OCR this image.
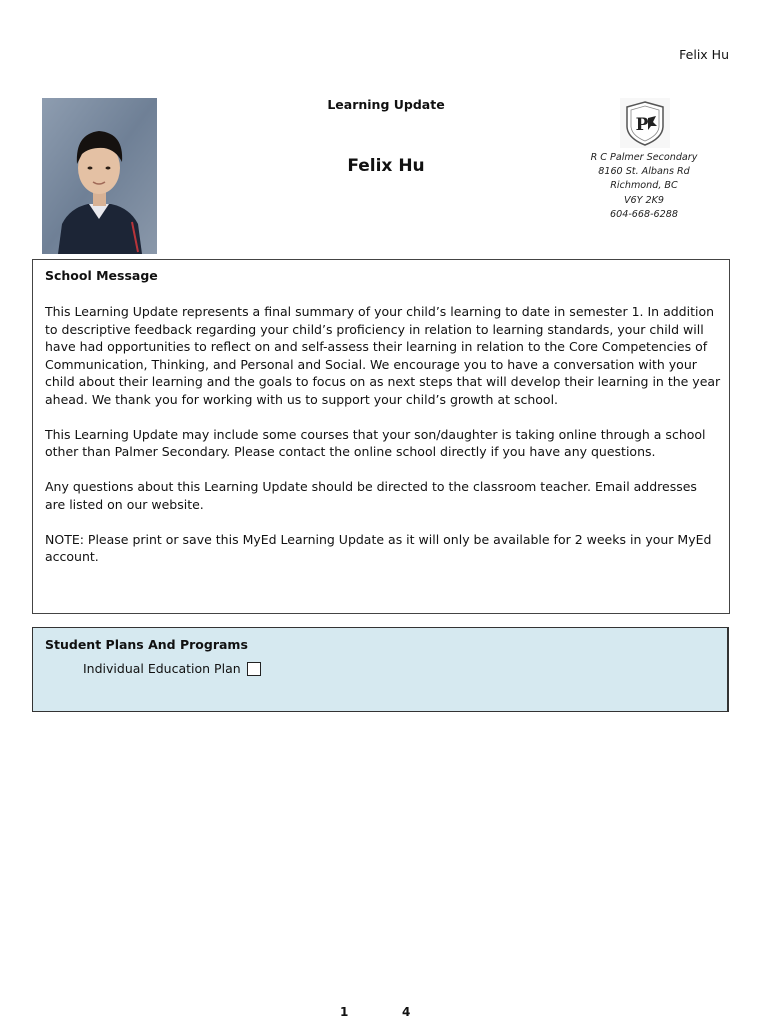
Felix Hu
Learning Update
Felix Hu
P
R C Palmer Secondary
8160 St. Albans Rd
Richmond, BC
V6Y 2K9
604-668-6288
School Message

This Learning Update represents a final summary of your child’s learning to date in semester 1. In addition to descriptive feedback regarding your child’s proficiency in relation to learning standards, your child will have had opportunities to reflect on and self-assess their learning in relation to the Core Competencies of Communication, Thinking, and Personal and Social. We encourage you to have a conversation with your child about their learning and the goals to focus on as next steps that will develop their learning in the year ahead. We thank you for working with us to support your child’s growth at school.

This Learning Update may include some courses that your son/daughter is taking online through a school other than Palmer Secondary. Please contact the online school directly if you have any questions.

Any questions about this Learning Update should be directed to the classroom teacher. Email addresses are listed on our website.

NOTE: Please print or save this MyEd Learning Update as it will only be available for 2 weeks in your MyEd account.

Student Plans And Programs
Individual Education Plan
1	4
